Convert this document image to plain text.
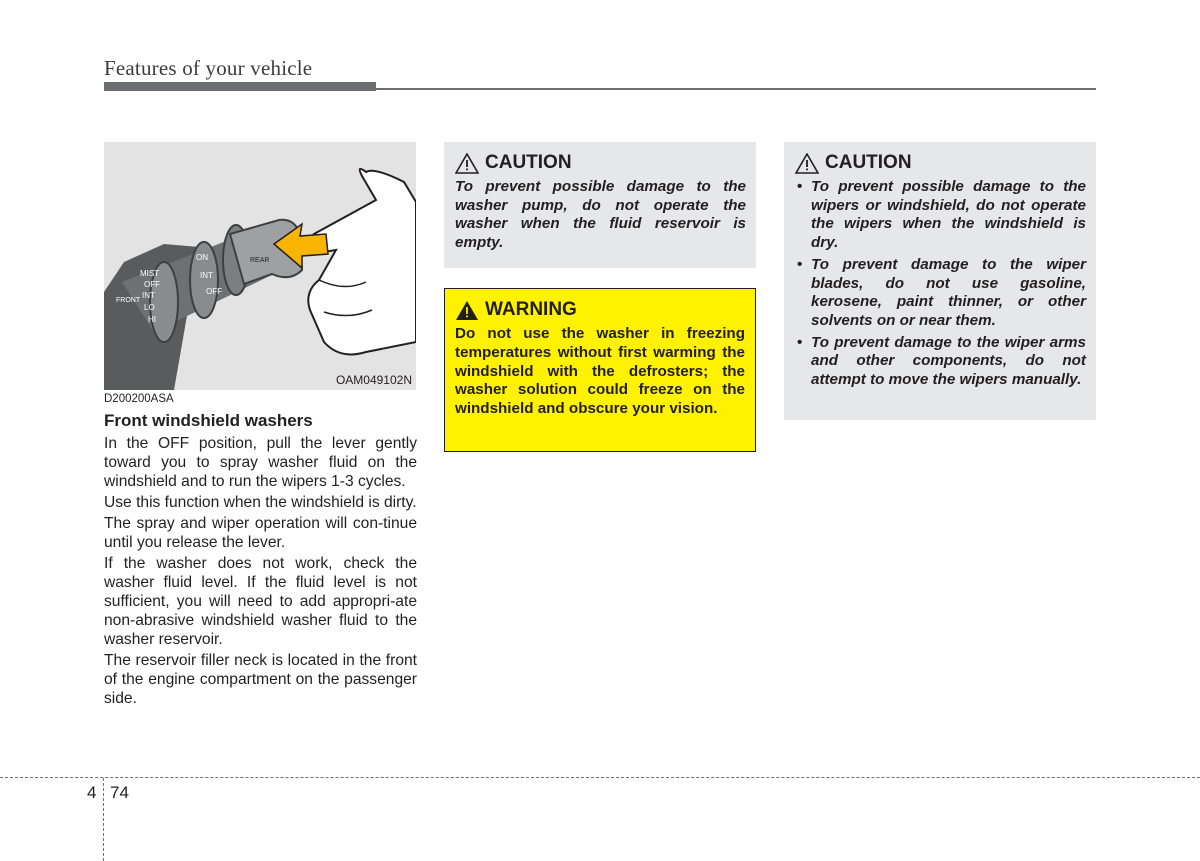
Features of your vehicle
MIST
OFF
INT
LO
HI
FRONT
ON
INT
OFF
REAR
OAM049102N
D200200ASA
Front windshield washers

In the OFF position, pull the lever gently toward you to spray washer fluid on the windshield and to run the wipers 1-3 cycles.

Use this function when the windshield is dirty.

The spray and wiper operation will con-tinue until you release the lever.

If the washer does not work, check the washer fluid level. If the fluid level is not sufficient, you will need to add appropri-ate non-abrasive windshield washer fluid to the washer reservoir.

The reservoir filler neck is located in the front of the engine compartment on the passenger side.

CAUTION

To prevent possible damage to the washer pump, do not operate the washer when the fluid reservoir is empty.

WARNING

Do not use the washer in freezing temperatures without first warming the windshield with the defrosters; the washer solution could freeze on the windshield and obscure your vision.

CAUTION
• To prevent possible damage to the wipers or windshield, do not operate the wipers when the windshield is dry.
• To prevent damage to the wiper blades, do not use gasoline, kerosene, paint thinner, or other solvents on or near them.
• To prevent damage to the wiper arms and other components, do not attempt to move the wipers manually.
4 74
